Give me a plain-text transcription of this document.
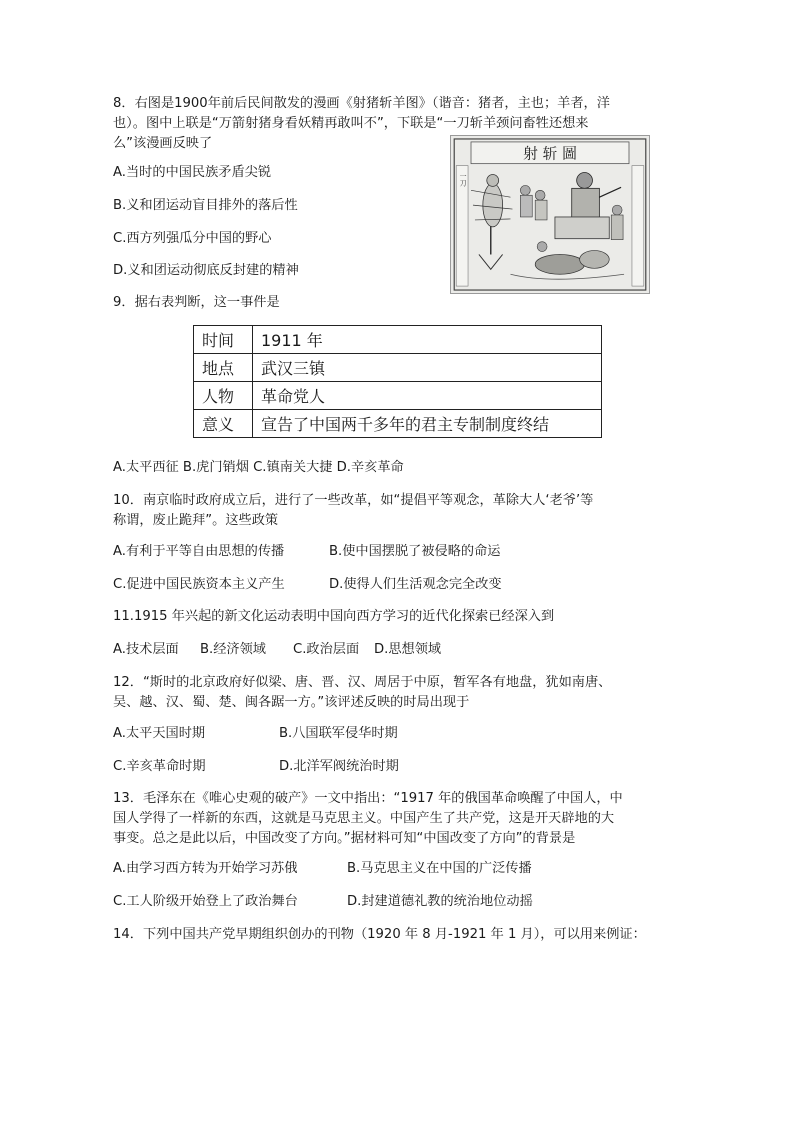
8．右图是1900年前后民间散发的漫画《射猪斩羊图》（谐音：猪者，主也；羊者，洋
也）。图中上联是“万箭射猪身看妖精再敢叫不”，下联是“一刀斩羊颈问畜牲还想来
么”该漫画反映了
A.当时的中国民族矛盾尖锐
B.义和团运动盲目排外的落后性
C.西方列强瓜分中国的野心
D.义和团运动彻底反封建的精神
射 斩 圖
一刀
9．据右表判断，这一事件是
时间	1911 年
地点	武汉三镇
人物	革命党人
意义	宣告了中国两千多年的君主专制制度终结
A.太平西征 B.虎门销烟 C.镇南关大捷 D.辛亥革命
10．南京临时政府成立后，进行了一些改革，如“提倡平等观念，革除大人‘老爷’等
称谓，废止跪拜”。这些政策
A.有利于平等自由思想的传播	B.使中国摆脱了被侵略的命运
C.促进中国民族资本主义产生	D.使得人们生活观念完全改变
11.1915 年兴起的新文化运动表明中国向西方学习的近代化探索已经深入到
A.技术层面 B.经济领域 C.政治层面 D.思想领域
12．“斯时的北京政府好似梁、唐、晋、汉、周居于中原，暂军各有地盘，犹如南唐、
吴、越、汉、蜀、楚、闽各踞一方。”该评述反映的时局出现于
A.太平天国时期	B.八国联军侵华时期
C.辛亥革命时期	D.北洋军阀统治时期
13．毛泽东在《唯心史观的破产》一文中指出：“1917 年的俄国革命唤醒了中国人，中
国人学得了一样新的东西，这就是马克思主义。中国产生了共产党，这是开天辟地的大
事变。总之是此以后，中国改变了方向。”据材料可知“中国改变了方向”的背景是
A.由学习西方转为开始学习苏俄	B.马克思主义在中国的广泛传播
C.工人阶级开始登上了政治舞台	D.封建道德礼教的统治地位动摇
14．下列中国共产党早期组织创办的刊物（1920 年 8 月-1921 年 1 月），可以用来例证：
